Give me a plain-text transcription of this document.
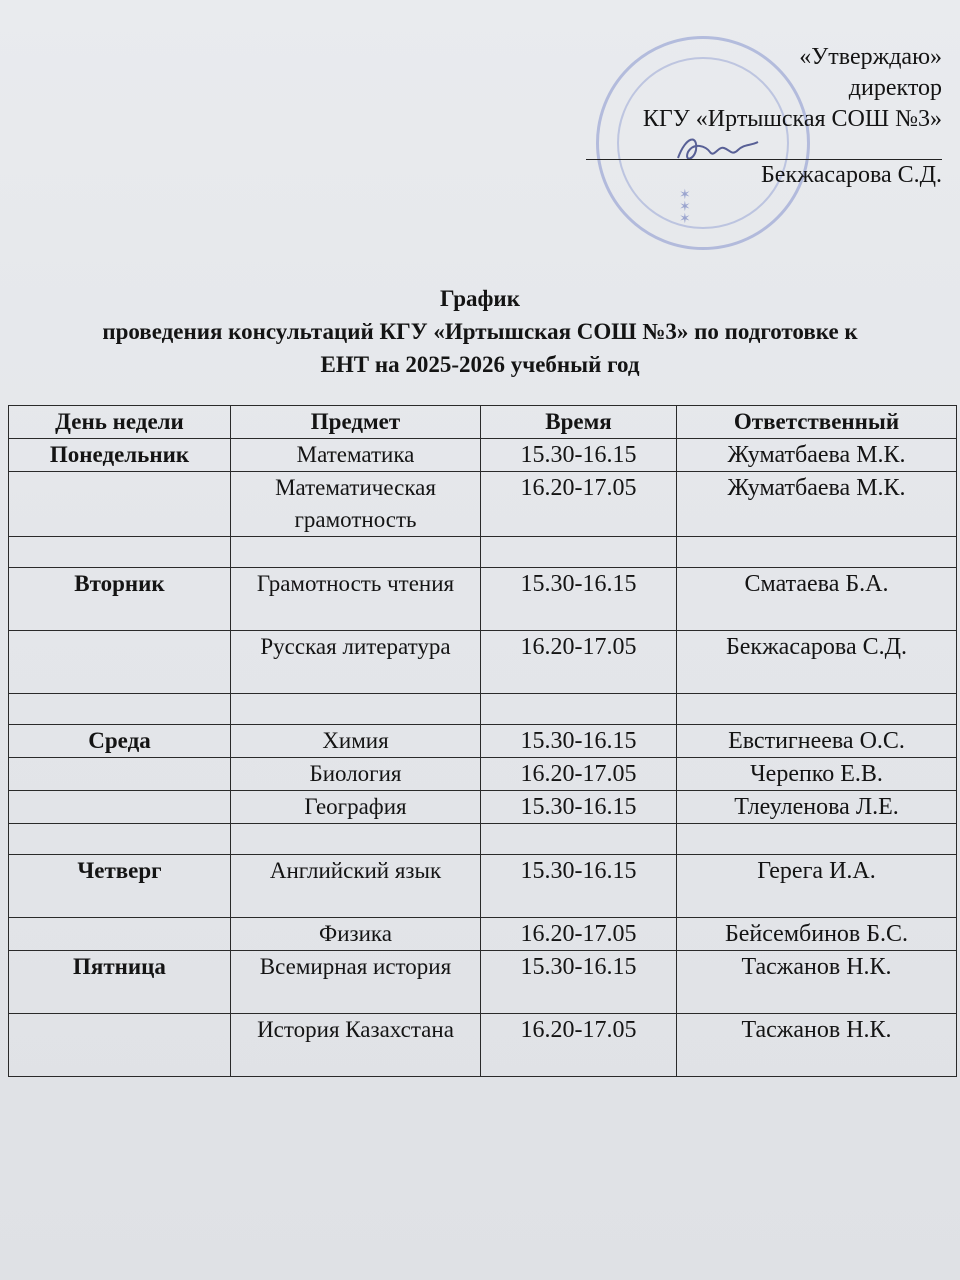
✶
✶
✶
«Утверждаю»
директор
КГУ «Иртышская СОШ №3»
Бекжасарова С.Д.
График
проведения консультаций КГУ «Иртышская СОШ №3» по подготовке к
ЕНТ на 2025-2026 учебный год
День недели	Предмет	Время	Ответственный
Понедельник	Математика	15.30-16.15	Жуматбаева М.К.
	Математическая грамотность	16.20-17.05	Жуматбаева М.К.

Вторник	Грамотность чтения	15.30-16.15	Сматаева Б.А.
	Русская литература	16.20-17.05	Бекжасарова С.Д.

Среда	Химия	15.30-16.15	Евстигнеева О.С.
	Биология	16.20-17.05	Черепко Е.В.
	География	15.30-16.15	Тлеуленова Л.Е.

Четверг	Английский язык	15.30-16.15	Герега И.А.
	Физика	16.20-17.05	Бейсембинов Б.С.
Пятница	Всемирная история	15.30-16.15	Тасжанов Н.К.
	История Казахстана	16.20-17.05	Тасжанов Н.К.
